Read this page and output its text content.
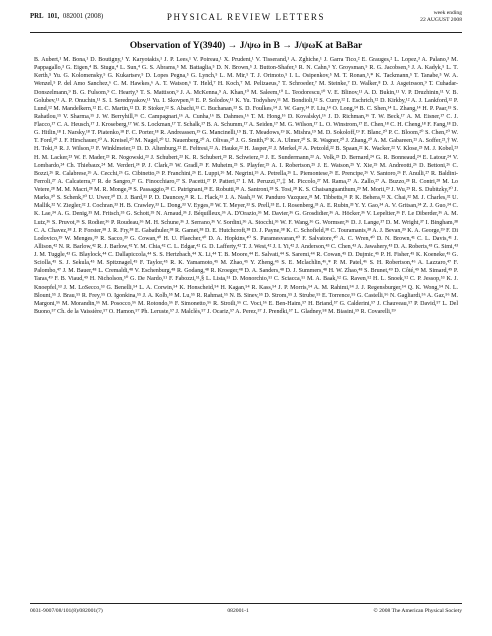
PRL 101, 082001 (2008)	PHYSICAL REVIEW LETTERS	week ending
22 AUGUST 2008
Observation of Y(3940) → J/ψω in B → J/ψωK at BaBar
B. Aubert,¹ M. Bona,¹ D. Boutigny,¹ Y. Karyotakis,¹ J. P. Lees,¹ V. Poireau,¹ X. Prudent,¹ V. Tisserand,¹ A. Zghiche,¹ J. Garra Tico,² E. Grauges,² L. Lopez,³ A. Palano,³ M. Pappagallo,³ G. Eigen,⁴ B. Stugu,⁴ L. Sun,⁴ G. S. Abrams,⁵ M. Battaglia,⁵ D. N. Brown,⁵ J. Button-Shafer,⁵ R. N. Cahn,⁵ Y. Groysman,⁵ R. G. Jacobsen,⁵ J. A. Kadyk,⁵ L. T. Kerth,⁵ Yu. G. Kolomensky,⁵ G. Kukartsev,⁵ D. Lopes Pegna,⁵ G. Lynch,⁵ L. M. Mir,⁵ T. J. Orimoto,⁵ I. L. Osipenkov,⁵ M. T. Ronan,⁵,* K. Tackmann,⁵ T. Tanabe,⁵ W. A. Wenzel,⁵ P. del Amo Sanchez,⁶ C. M. Hawkes,⁶ A. T. Watson,⁶ T. Held,⁷ H. Koch,⁷ M. Pelizaeus,⁷ T. Schroeder,⁷ M. Steinke,⁷ D. Walker,⁸ D. J. Asgeirsson,⁹ T. Cuhadar-Donszelmann,⁹ B. G. Fulsom,⁹ C. Hearty,⁹ T. S. Mattison,⁹ J. A. McKenna,⁹ A. Khan,¹⁰ M. Saleem,¹⁰ L. Teodorescu,¹⁰ V. E. Blinov,¹¹ A. D. Bukin,¹¹ V. P. Druzhinin,¹¹ V. B. Golubev,¹¹ A. P. Onuchin,¹¹ S. I. Serednyakov,¹¹ Yu. I. Skovpen,¹¹ E. P. Solodov,¹¹ K. Yu. Todyshev,¹¹ M. Bondioli,¹² S. Curry,¹² I. Eschrich,¹² D. Kirkby,¹² A. J. Lankford,¹² P. Lund,¹² M. Mandelkern,¹² E. C. Martin,¹² D. P. Stoker,¹² S. Abachi,¹³ C. Buchanan,¹³ S. D. Foulkes,¹⁴ J. W. Gary,¹⁴ F. Liu,¹⁴ O. Long,¹⁴ B. C. Shen,¹⁴ L. Zhang,¹⁴ H. P. Paar,¹⁵ S. Rahatlou,¹⁵ V. Sharma,¹⁵ J. W. Berryhill,¹⁶ C. Campagnari,¹⁶ A. Cunha,¹⁶ B. Dahmes,¹⁶ T. M. Hong,¹⁶ D. Kovalskyi,¹⁶ J. D. Richman,¹⁶ T. W. Beck,¹⁷ A. M. Eisner,¹⁷ C. J. Flacco,¹⁷ C. A. Heusch,¹⁷ J. Kroseberg,¹⁷ W. S. Lockman,¹⁷ T. Schalk,¹⁷ B. A. Schumm,¹⁷ A. Seiden,¹⁷ M. G. Wilson,¹⁷ L. O. Winstrom,¹⁷ E. Chen,¹⁸ C. H. Cheng,¹⁸ F. Fang,¹⁸ D. G. Hitlin,¹⁸ I. Narsky,¹⁸ T. Piatenko,¹⁸ F. C. Porter,¹⁸ R. Andreassen,¹⁹ G. Mancinelli,¹⁹ B. T. Meadows,¹⁹ K. Mishra,¹⁹ M. D. Sokoloff,¹⁹ F. Blanc,²⁰ P. C. Bloom,²⁰ S. Chen,²⁰ W. T. Ford,²⁰ J. F. Hirschauer,²⁰ A. Kreisel,²⁰ M. Nagel,²⁰ U. Nauenberg,²⁰ A. Olivas,²⁰ J. G. Smith,²⁰ K. A. Ulmer,²⁰ S. R. Wagner,²⁰ J. Zhang,²⁰ A. M. Gabareen,²¹ A. Soffer,²¹,† W. H. Toki,²¹ R. J. Wilson,²¹ F. Winklmeier,²¹ D. D. Altenburg,²² E. Feltresi,²² A. Hauke,²² H. Jasper,²² J. Merkel,²² A. Petzold,²² B. Spaan,²² K. Wacker,²² V. Klose,²³ M. J. Kobel,²³ H. M. Lacker,²³ W. F. Mader,²³ R. Nogowski,²³ J. Schubert,²³ K. R. Schubert,²³ R. Schwierz,²³ J. E. Sundermann,²³ A. Volk,²³ D. Bernard,²⁴ G. R. Bonneaud,²⁴ E. Latour,²⁴ V. Lombardo,²⁴ Ch. Thiebaux,²⁴ M. Verderi,²⁴ P. J. Clark,²⁵ W. Gradl,²⁵ F. Muheim,²⁵ S. Playfer,²⁵ A. I. Robertson,²⁵ J. E. Watson,²⁵ Y. Xie,²⁵ M. Andreotti,²⁶ D. Bettoni,²⁶ C. Bozzi,²⁶ R. Calabrese,²⁶ A. Cecchi,²⁶ G. Cibinetto,²⁶ P. Franchini,²⁶ E. Luppi,²⁶ M. Negrini,²⁶ A. Petrella,²⁶ L. Piemontese,²⁶ E. Prencipe,²⁶ V. Santoro,²⁶ F. Anulli,²⁷ R. Baldini-Ferroli,²⁷ A. Calcaterra,²⁷ R. de Sangro,²⁷ G. Finocchiaro,²⁷ S. Pacetti,²⁷ P. Patteri,²⁷ I. M. Peruzzi,²⁷,‡ M. Piccolo,²⁷ M. Rama,²⁷ A. Zallo,²⁷ A. Buzzo,²⁸ R. Contri,²⁸ M. Lo Vetere,²⁸ M. M. Macri,²⁸ M. R. Monge,²⁸ S. Passaggio,²⁸ C. Patrignani,²⁸ E. Robutti,²⁸ A. Santroni,²⁸ S. Tosi,²⁸ K. S. Chaisanguanthum,²⁹ M. Morii,²⁹ J. Wu,²⁹ R. S. Dubitzky,³⁰ J. Marks,³⁰ S. Schenk,³⁰ U. Uwer,³⁰ D. J. Bard,³¹ P. D. Dauncey,³¹ R. L. Flack,³¹ J. A. Nash,³¹ W. Panduro Vazquez,³¹ M. Tibbetts,³¹ P. K. Behera,³² X. Chai,³² M. J. Charles,³² U. Mallik,³² V. Ziegler,³² J. Cochran,³³ H. B. Crawley,³³ L. Dong,³³ V. Eyges,³³ W. T. Meyer,³³ S. Prell,³³ E. I. Rosenberg,³³ A. E. Rubin,³³ Y. Y. Gao,³⁴ A. V. Gritsan,³⁴ Z. J. Guo,³⁴ C. K. Lae,³⁴ A. G. Denig,³⁵ M. Fritsch,³⁵ G. Schott,³⁵ N. Arnaud,³⁶ J. Béquilleux,³⁶ A. D'Orazio,³⁶ M. Davier,³⁶ G. Grosdidier,³⁶ A. Höcker,³⁶ V. Lepeltier,³⁶ F. Le Diberder,³⁶ A. M. Lutz,³⁶ S. Pruvot,³⁶ S. Rodier,³⁶ P. Roudeau,³⁶ M. H. Schune,³⁶ J. Serrano,³⁶ V. Sordini,³⁶ A. Stocchi,³⁶ W. F. Wang,³⁶ G. Wormser,³⁶ D. J. Lange,³⁷ D. M. Wright,³⁷ I. Bingham,³⁸ C. A. Chavez,³⁸ J. P. Forster,³⁸ J. R. Fry,³⁸ E. Gabathuler,³⁸ R. Gamet,³⁸ D. E. Hutchcroft,³⁸ D. J. Payne,³⁸ K. C. Schofield,³⁸ C. Touramanis,³⁸ A. J. Bevan,³⁹ K. A. George,³⁹ F. Di Lodovico,³⁹ W. Menges,³⁹ R. Sacco,³⁹ G. Cowan,⁴⁰ H. U. Flaecher,⁴⁰ D. A. Hopkins,⁴⁰ S. Paramesvaran,⁴⁰ F. Salvatore,⁴⁰ A. C. Wren,⁴⁰ D. N. Brown,⁴¹ C. L. Davis,⁴¹ J. Allison,⁴² N. R. Barlow,⁴² R. J. Barlow,⁴² Y. M. Chia,⁴² C. L. Edgar,⁴² G. D. Lafferty,⁴² T. J. West,⁴² J. I. Yi,⁴² J. Anderson,⁴³ C. Chen,⁴³ A. Jawahery,⁴³ D. A. Roberts,⁴³ G. Simi,⁴³ J. M. Tuggle,⁴³ G. Blaylock,⁴⁴ C. Dallapiccola,⁴⁴ S. S. Hertzbach,⁴⁴ X. Li,⁴⁴ T. B. Moore,⁴⁴ E. Salvati,⁴⁴ S. Saremi,⁴⁴ R. Cowan,⁴⁵ D. Dujmic,⁴⁵ P. H. Fisher,⁴⁵ K. Koeneke,⁴⁵ G. Sciolla,⁴⁵ S. J. Sekula,⁴⁵ M. Spitznagel,⁴⁵ F. Taylor,⁴⁵ R. K. Yamamoto,⁴⁵ M. Zhao,⁴⁵ Y. Zheng,⁴⁵ S. E. Mclachlin,⁴⁶,* P. M. Patel,⁴⁶ S. H. Robertson,⁴⁶ A. Lazzaro,⁴⁷ F. Palombo,⁴⁷ J. M. Bauer,⁴⁸ L. Cremaldi,⁴⁸ V. Eschenburg,⁴⁸ R. Godang,⁴⁸ R. Kroeger,⁴⁸ D. A. Sanders,⁴⁸ D. J. Summers,⁴⁸ H. W. Zhao,⁴⁸ S. Brunet,⁴⁹ D. Côté,⁴⁹ M. Simard,⁴⁹ P. Taras,⁴⁹ F. B. Viaud,⁴⁹ H. Nicholson,⁵⁰ G. De Nardo,⁵¹ F. Fabozzi,⁵¹,§ L. Lista,⁵¹ D. Monorchio,⁵¹ C. Sciacca,⁵¹ M. A. Baak,⁵² G. Raven,⁵² H. L. Snoek,⁵² C. P. Jessop,⁵³ K. J. Knoepfel,⁵³ J. M. LoSecco,⁵³ G. Benelli,⁵⁴ L. A. Corwin,⁵⁴ K. Honscheid,⁵⁴ H. Kagan,⁵⁴ R. Kass,⁵⁴ J. P. Morris,⁵⁴ A. M. Rahimi,⁵⁴ J. J. Regensburger,⁵⁴ Q. K. Wong,⁵⁴ N. L. Blount,⁵⁵ J. Brau,⁵⁵ R. Frey,⁵⁵ O. Igonkina,⁵⁵ J. A. Kolb,⁵⁵ M. Lu,⁵⁵ R. Rahmat,⁵⁵ N. B. Sinev,⁵⁵ D. Strom,⁵⁵ J. Strube,⁵⁵ E. Torrence,⁵⁵ G. Castelli,⁵⁶ N. Gagliardi,⁵⁶ A. Gaz,⁵⁶ M. Margoni,⁵⁶ M. Morandin,⁵⁶ M. Posocco,⁵⁶ M. Rotondo,⁵⁶ F. Simonetto,⁵⁶ R. Stroili,⁵⁶ C. Voci,⁵⁶ E. Ben-Haim,⁵⁷ H. Briand,⁵⁷ G. Calderini,⁵⁷ J. Chauveau,⁵⁷ P. David,⁵⁷ L. Del Buono,⁵⁷ Ch. de la Vaissière,⁵⁷ O. Hamon,⁵⁷ Ph. Leruste,⁵⁷ J. Malclès,⁵⁷ J. Ocariz,⁵⁷ A. Perez,⁵⁷ J. Prendki,⁵⁷ L. Gladney,⁵⁸ M. Biasini,⁵⁹ R. Covarelli,⁵⁹
0031-9007/08/101(8)/082001(7)	082001-1	© 2008 The American Physical Society
